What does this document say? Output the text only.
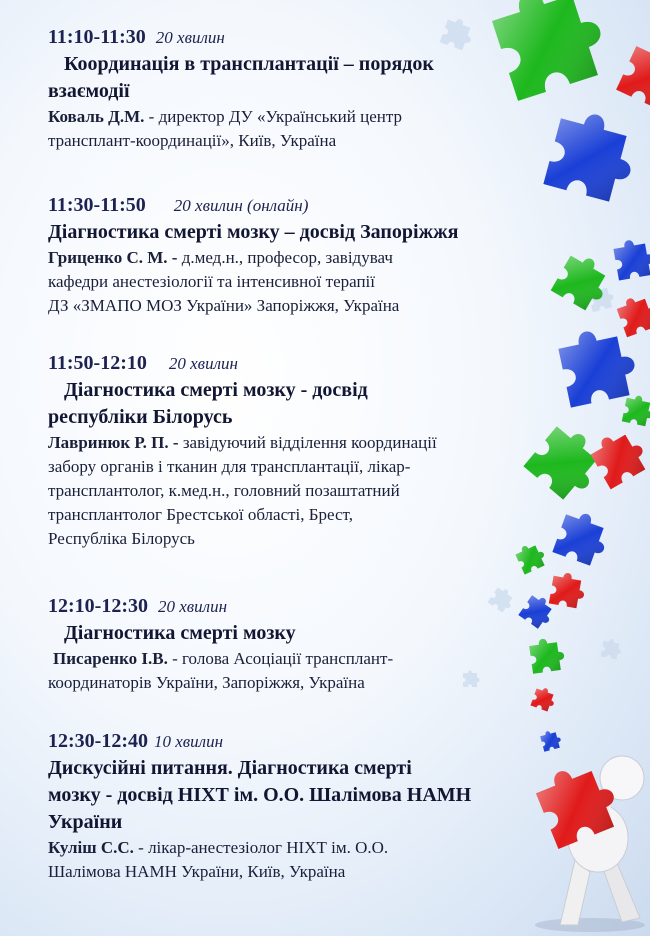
11:10-11:30 20 хвилин
Координація в трансплантації – порядок
взаємодії
Коваль Д.М. - директор ДУ «Український центр
трансплант-координації», Київ, Україна
11:30-11:50 20 хвилин (онлайн)
Діагностика смерті мозку – досвід Запоріжжя
Гриценко С. М. - д.мед.н., професор, завідувач
кафедри анестезіології та інтенсивної терапії
ДЗ «ЗМАПО МОЗ України» Запоріжжя, Україна
11:50-12:10 20 хвилин
Діагностика смерті мозку - досвід
республіки Білорусь
Лавринюк Р. П. - завідуючий відділення координації
забору органів і тканин для трансплантації, лікар-
трансплантолог, к.мед.н., головний позаштатний
трансплантолог Брестської області, Брест,
Республіка Білорусь
12:10-12:30 20 хвилин
Діагностика смерті мозку
Писаренко І.В. - голова Асоціації трансплант-
координаторів України, Запоріжжя, Україна
12:30-12:40 10 хвилин
Дискусійні питання. Діагностика смерті
мозку - досвід НІХТ ім. О.О. Шалімова НАМН
України
Куліш С.С. - лікар-анестезіолог НІХТ ім. О.О.
Шалімова НАМН України, Київ, Україна
